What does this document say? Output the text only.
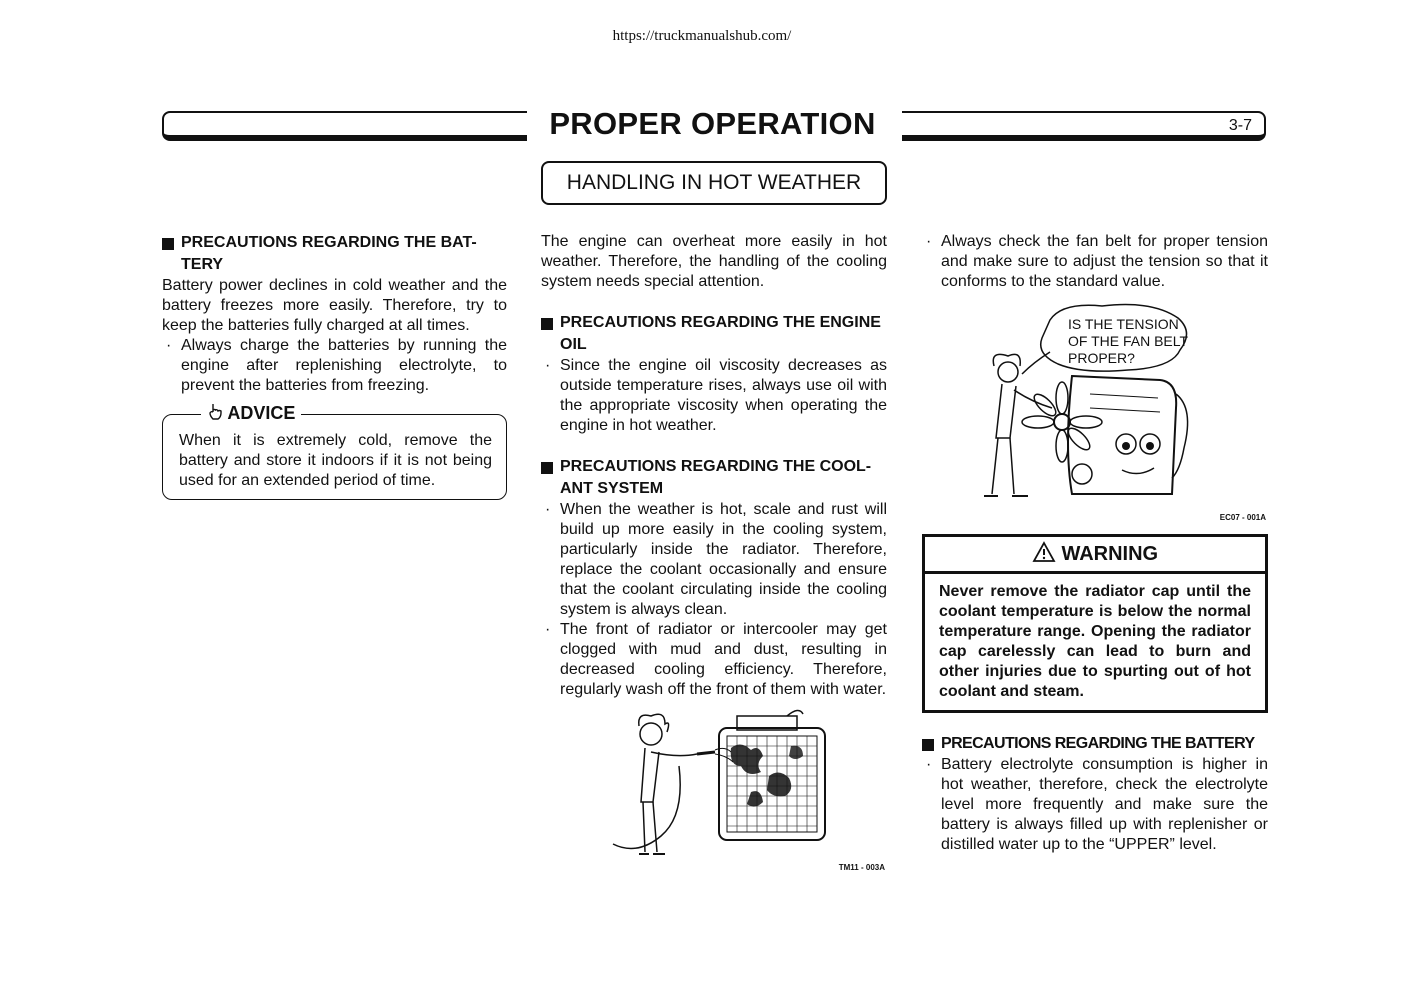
https://truckmanualshub.com/
3-7
PROPER OPERATION
HANDLING IN HOT WEATHER
PRECAUTIONS REGARDING THE BAT-
TERY

Battery power declines in cold weather and the battery freezes more easily. Therefore, try to keep the batteries fully charged at all times.

· Always charge the batteries by running the engine after replenishing electrolyte, to prevent the batteries from freezing.
ADVICE
When it is extremely cold, remove the battery and store it indoors if it is not being used for an extended period of time.

The engine can overheat more easily in hot weather. Therefore, the handling of the cooling system needs special attention.

PRECAUTIONS REGARDING THE ENGINE
OIL
· Since the engine oil viscosity decreases as outside temperature rises, always use oil with the appropriate viscosity when operating the engine in hot weather.
PRECAUTIONS REGARDING THE COOL-
ANT SYSTEM
· When the weather is hot, scale and rust will build up more easily in the cooling system, particularly inside the radiator. Therefore, replace the coolant occasionally and ensure that the coolant circulating inside the cooling system is always clean.
· The front of radiator or intercooler may get clogged with mud and dust, resulting in decreased cooling efficiency. Therefore, regularly wash off the front of them with water.
TM11 - 003A
· Always check the fan belt for proper tension and make sure to adjust the tension so that it conforms to the standard value.
IS THE TENSION
OF THE FAN BELT
PROPER?
EC07 - 001A
WARNING
Never remove the radiator cap until the coolant temperature is below the normal temperature range. Opening the radiator cap carelessly can lead to burn and other injuries due to spurting out of hot coolant and steam.
PRECAUTIONS REGARDING THE BATTERY
· Battery electrolyte consumption is higher in hot weather, therefore, check the electrolyte level more frequently and make sure the battery is always filled up with replenisher or distilled water up to the “UPPER” level.
